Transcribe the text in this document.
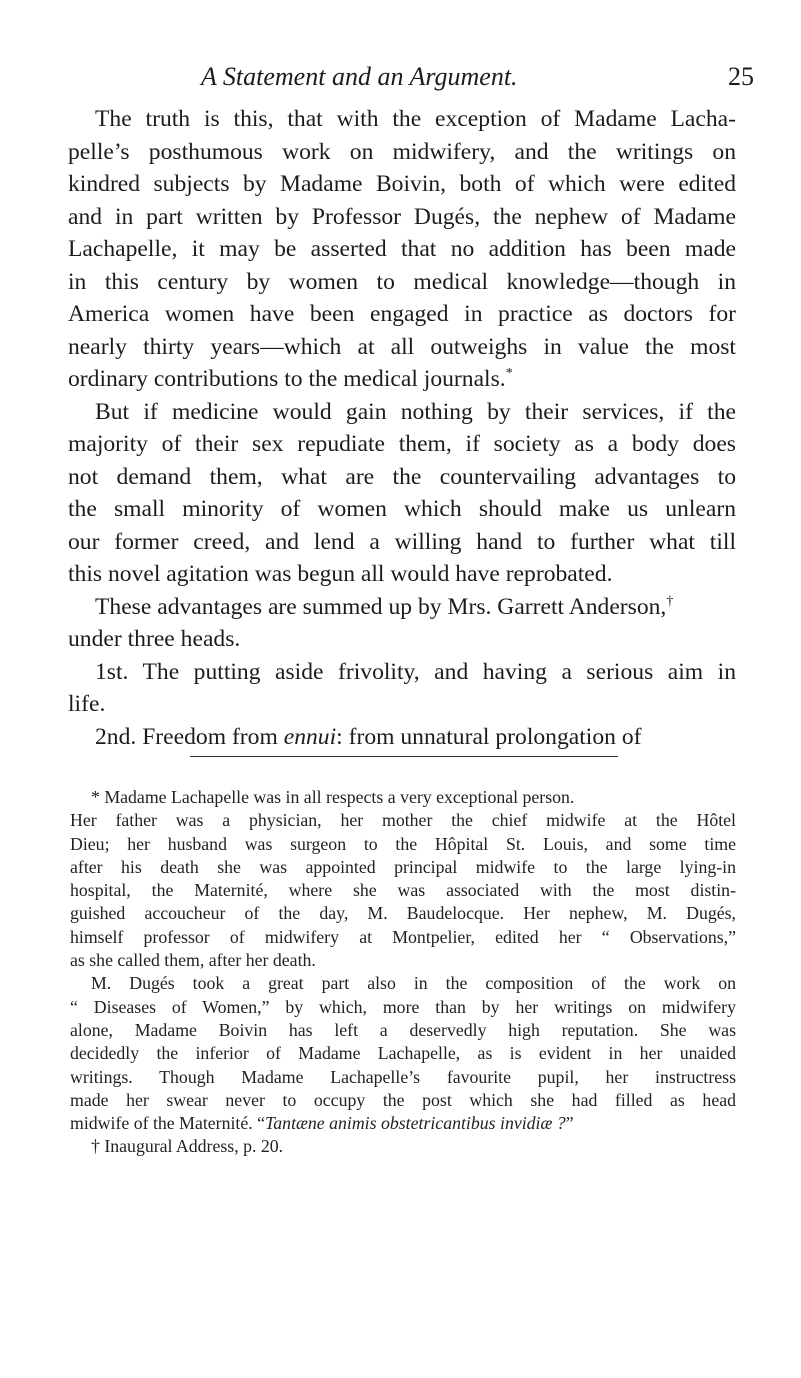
A Statement and an Argument.	25
The truth is this, that with the exception of Madame Lacha-
pelle’s posthumous work on midwifery, and the writings on
kindred subjects by Madame Boivin, both of which were edited
and in part written by Professor Dugés, the nephew of Madame
Lachapelle, it may be asserted that no addition has been made
in this century by women to medical knowledge—though in
America women have been engaged in practice as doctors for
nearly thirty years—which at all outweighs in value the most
ordinary contributions to the medical journals.*
But if medicine would gain nothing by their services, if the
majority of their sex repudiate them, if society as a body does
not demand them, what are the countervailing advantages to
the small minority of women which should make us unlearn
our former creed, and lend a willing hand to further what till
this novel agitation was begun all would have reprobated.
These advantages are summed up by Mrs. Garrett Anderson,†
under three heads.
1st. The putting aside frivolity, and having a serious aim in
life.
2nd. Freedom from ennui: from unnatural prolongation of
* Madame Lachapelle was in all respects a very exceptional person.
Her father was a physician, her mother the chief midwife at the Hôtel
Dieu; her husband was surgeon to the Hôpital St. Louis, and some time
after his death she was appointed principal midwife to the large lying-in
hospital, the Maternité, where she was associated with the most distin-
guished accoucheur of the day, M. Baudelocque. Her nephew, M. Dugés,
himself professor of midwifery at Montpelier, edited her “ Observations,”
as she called them, after her death.
M. Dugés took a great part also in the composition of the work on
“ Diseases of Women,” by which, more than by her writings on midwifery
alone, Madame Boivin has left a deservedly high reputation. She was
decidedly the inferior of Madame Lachapelle, as is evident in her unaided
writings. Though Madame Lachapelle’s favourite pupil, her instructress
made her swear never to occupy the post which she had filled as head
midwife of the Maternité. “Tantæne animis obstetricantibus invidiæ ?”
† Inaugural Address, p. 20.
